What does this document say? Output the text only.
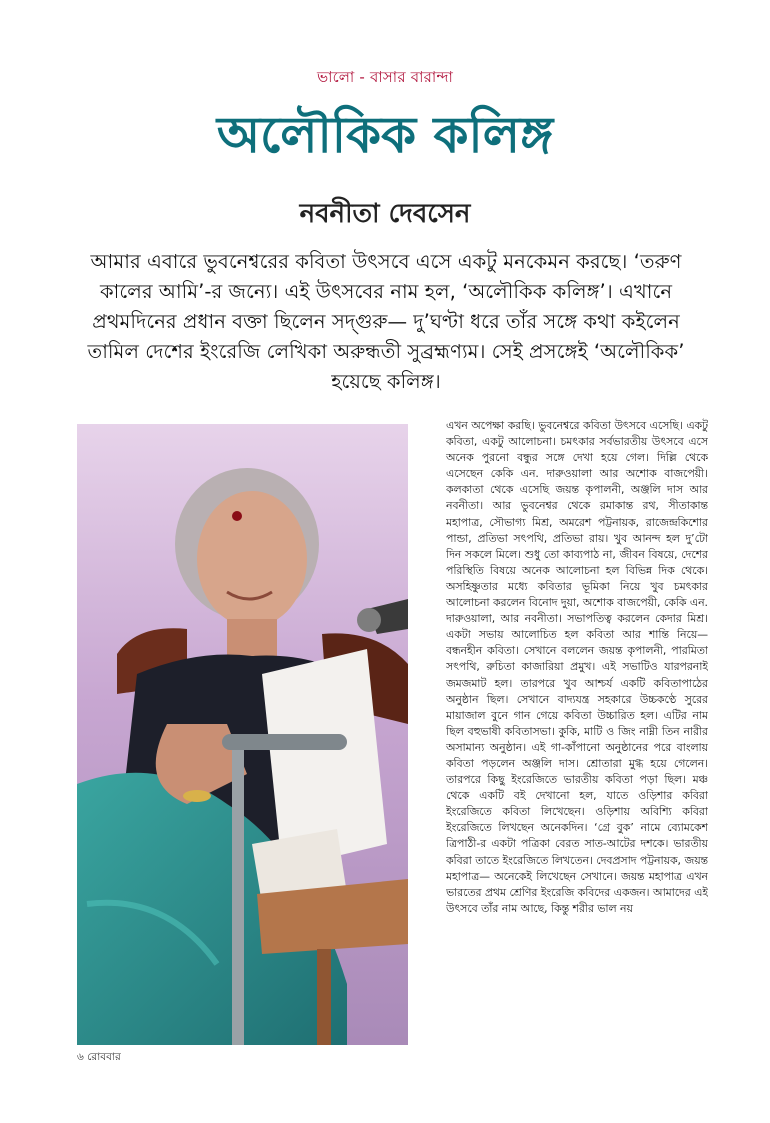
ভালো - বাসার বারান্দা
অলৌকিক কলিঙ্গ
নবনীতা দেবসেন
আমার এবারে ভুবনেশ্বরের কবিতা উৎসবে এসে একটু মনকেমন করছে। ‘তরুণ কালের আমি’-র জন্যে। এই উৎসবের নাম হল, ‘অলৌকিক কলিঙ্গ’। এখানে প্রথমদিনের প্রধান বক্তা ছিলেন সদ্গুরু— দু’ঘণ্টা ধরে তাঁর সঙ্গে কথা কইলেন তামিল দেশের ইংরেজি লেখিকা অরুন্ধতী সুব্রহ্মণ্যম। সেই প্রসঙ্গেই ‘অলৌকিক’ হয়েছে কলিঙ্গ।

এখন অপেক্ষা করছি। ভুবনেশ্বরে কবিতা উৎসবে এসেছি। একটু কবিতা, একটু আলোচনা। চমৎকার সর্বভারতীয় উৎসবে এসে অনেক পুরনো বন্ধুর সঙ্গে দেখা হয়ে গেল। দিল্লি থেকে এসেছেন কেকি এন. দারুওয়ালা আর অশোক বাজপেয়ী। কলকাতা থেকে এসেছি জয়ন্ত কৃপালনী, অঞ্জলি দাস আর নবনীতা। আর ভুবনেশ্বর থেকে রমাকান্ত রথ, সীতাকান্ত মহাপাত্র, সৌভাগ্য মিশ্র, অমরেশ পট্টনায়ক, রাজেন্দ্রকিশোর পান্ডা, প্রতিভা সৎপথি, প্রতিভা রায়। খুব আনন্দ হল দু’টো দিন সকলে মিলে। শুধু তো কাব্যপাঠ না, জীবন বিষয়ে, দেশের পরিস্থিতি বিষয়ে অনেক আলোচনা হল বিভিন্ন দিক থেকে। অসহিষ্ণুতার মধ্যে কবিতার ভূমিকা নিয়ে খুব চমৎকার আলোচনা করলেন বিনোদ দুয়া, অশোক বাজপেয়ী, কেকি এন. দারুওয়ালা, আর নবনীতা। সভাপতিত্ব করলেন কেদার মিশ্র। একটা সভায় আলোচিত হল কবিতা আর শান্তি নিয়ে— বন্ধনহীন কবিতা। সেখানে বললেন জয়ন্ত কৃপালনী, পারমিতা সৎপথি, রুচিতা কাজারিয়া প্রমুখ। এই সভাটিও যারপরনাই জমজমাট হল। তারপরে খুব আশ্চর্য একটি কবিতাপাঠের অনুষ্ঠান ছিল। সেখানে বাদ্যযন্ত্র সহকারে উচ্চকণ্ঠে সুরের মায়াজাল বুনে গান গেয়ে কবিতা উচ্চারিত হল। এটির নাম ছিল বহুভাষী কবিতাসভা। কুকি, মাটি ও জিং নাম্নী তিন নারীর অসামান্য অনুষ্ঠান। এই গা-কাঁপানো অনুষ্ঠানের পরে বাংলায় কবিতা পড়লেন অঞ্জলি দাস। শ্রোতারা মুগ্ধ হয়ে গেলেন। তারপরে কিছু ইংরেজিতে ভারতীয় কবিতা পড়া ছিল। মঞ্চ থেকে একটি বই দেখানো হল, যাতে ওড়িশার কবিরা ইংরেজিতে কবিতা লিখেছেন। ওড়িশায় অবিশ্যি কবিরা ইংরেজিতে লিখছেন অনেকদিন। ‘গ্রে বুক’ নামে ব্যোমকেশ ত্রিপাঠী-র একটা পত্রিকা বেরত সাত-আটের দশকে। ভারতীয় কবিরা তাতে ইংরেজিতে লিখতেন। দেবপ্রসাদ পট্টনায়ক, জয়ন্ত মহাপাত্র— অনেকেই লিখেছেন সেখানে। জয়ন্ত মহাপাত্র এখন ভারতের প্রথম শ্রেণির ইংরেজি কবিদের একজন। আমাদের এই উৎসবে তাঁর নাম আছে, কিন্তু শরীর ভাল নয়

৬ রোববার
